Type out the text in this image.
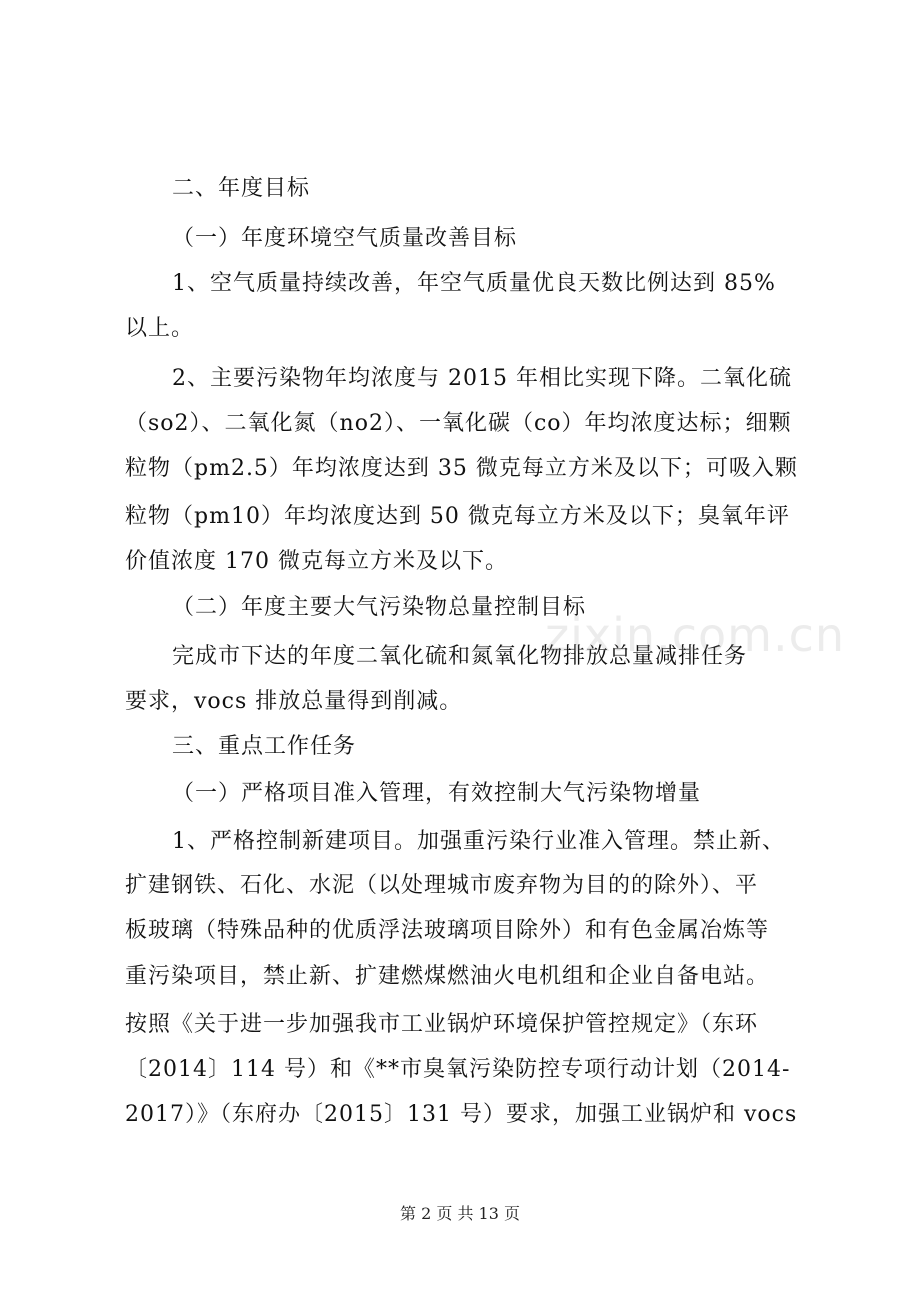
二、年度目标
（一）年度环境空气质量改善目标
1、空气质量持续改善，年空气质量优良天数比例达到 85%
以上。
2、主要污染物年均浓度与 2015 年相比实现下降。二氧化硫
（so2）、二氧化氮（no2）、一氧化碳（co）年均浓度达标；细颗
粒物（pm2.5）年均浓度达到 35 微克每立方米及以下；可吸入颗
粒物（pm10）年均浓度达到 50 微克每立方米及以下；臭氧年评
价值浓度 170 微克每立方米及以下。
（二）年度主要大气污染物总量控制目标
完成市下达的年度二氧化硫和氮氧化物排放总量减排任务
要求，vocs 排放总量得到削减。
三、重点工作任务
（一）严格项目准入管理，有效控制大气污染物增量
1、严格控制新建项目。加强重污染行业准入管理。禁止新、
扩建钢铁、石化、水泥（以处理城市废弃物为目的的除外）、平
板玻璃（特殊品种的优质浮法玻璃项目除外）和有色金属冶炼等
重污染项目，禁止新、扩建燃煤燃油火电机组和企业自备电站。
按照《关于进一步加强我市工业锅炉环境保护管控规定》（东环
〔2014〕114 号）和《**市臭氧污染防控专项行动计划（2014-
2017）》（东府办〔2015〕131 号）要求，加强工业锅炉和 vocs
zixin.com.cn
第 2 页 共 13 页
